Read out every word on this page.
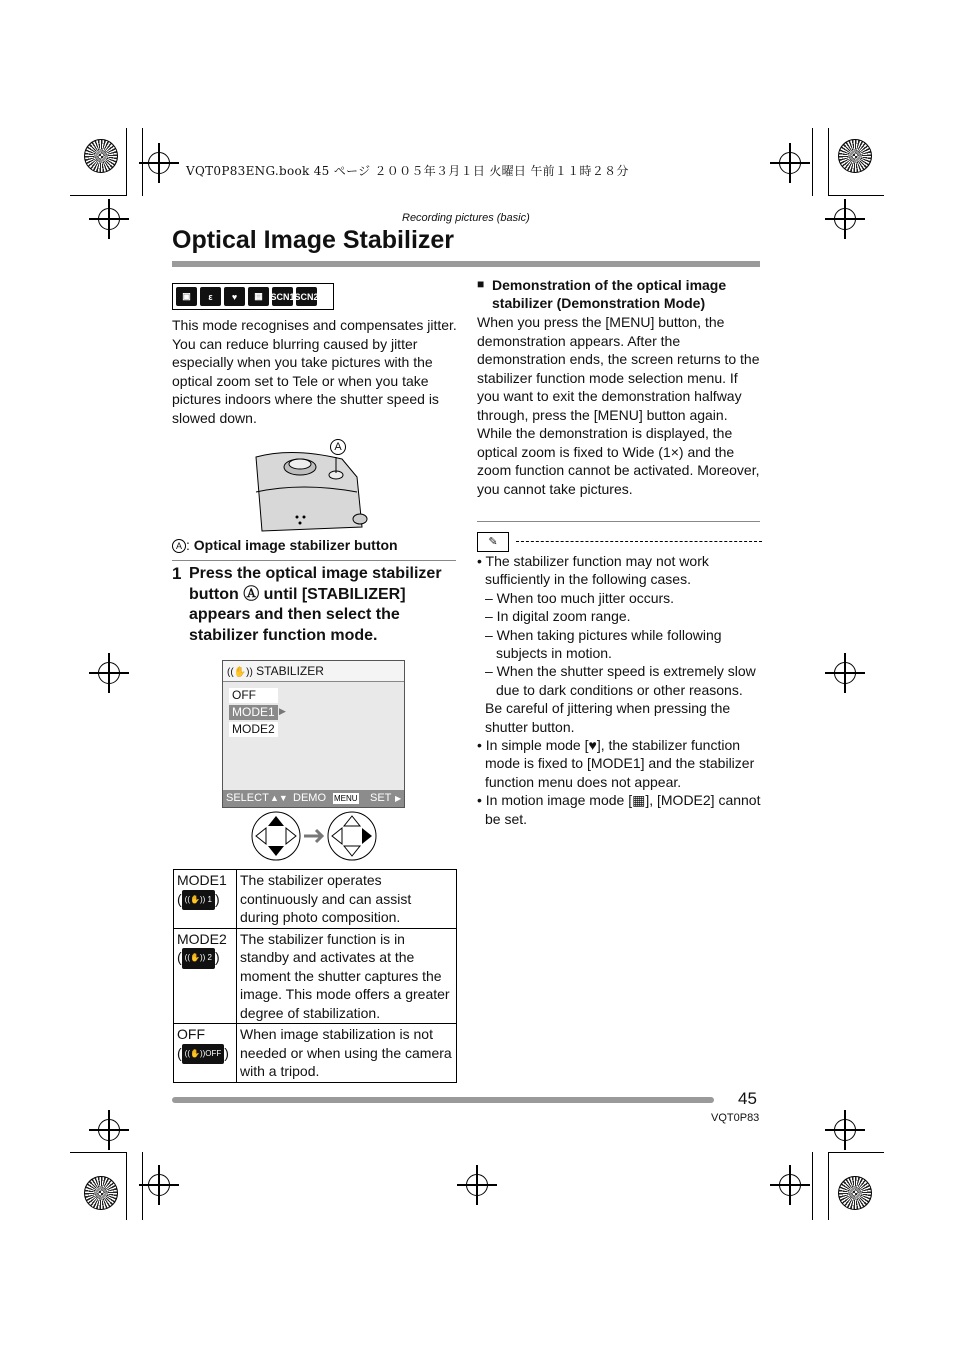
VQT0P83ENG.book 45 ページ ２００５年３月１日 火曜日 午前１１時２８分
Recording pictures (basic)
Optical Image Stabilizer
▣	ε	♥	▦ SCN1 SCN2
This mode recognises and compensates jitter. You can reduce blurring caused by jitter especially when you take pictures with the optical zoom set to Tele or when you take pictures indoors where the shutter speed is slowed down.
A
A : Optical image stabilizer button
1 Press the optical image stabilizer button Ⓐ until [STABILIZER] appears and then select the stabilizer function mode.
((✋)) STABILIZER
OFF
MODE1 ▶
MODE2
SELECT ▲▼ DEMO MENU SET ▶
MODE1
( ((✋)) 1 )	The stabilizer operates continuously and can assist during photo composition.
MODE2
( ((✋)) 2 )	The stabilizer function is in standby and activates at the moment the shutter captures the image. This mode offers a greater degree of stabilization.
OFF
( ((✋))OFF )	When image stabilization is not needed or when using the camera with a tripod.
■ Demonstration of the optical image stabilizer (Demonstration Mode)
When you press the [MENU] button, the demonstration appears. After the demonstration ends, the screen returns to the stabilizer function mode selection menu. If you want to exit the demonstration halfway through, press the [MENU] button again. While the demonstration is displayed, the optical zoom is fixed to Wide (1×) and the zoom function cannot be activated. Moreover, you cannot take pictures.
✎
• The stabilizer function may not work sufficiently in the following cases.
– When too much jitter occurs.
– In digital zoom range.
– When taking pictures while following subjects in motion.
– When the shutter speed is extremely slow due to dark conditions or other reasons.
Be careful of jittering when pressing the shutter button.
• In simple mode [♥], the stabilizer function mode is fixed to [MODE1] and the stabilizer function menu does not appear.
• In motion image mode [▦], [MODE2] cannot be set.
45
VQT0P83
